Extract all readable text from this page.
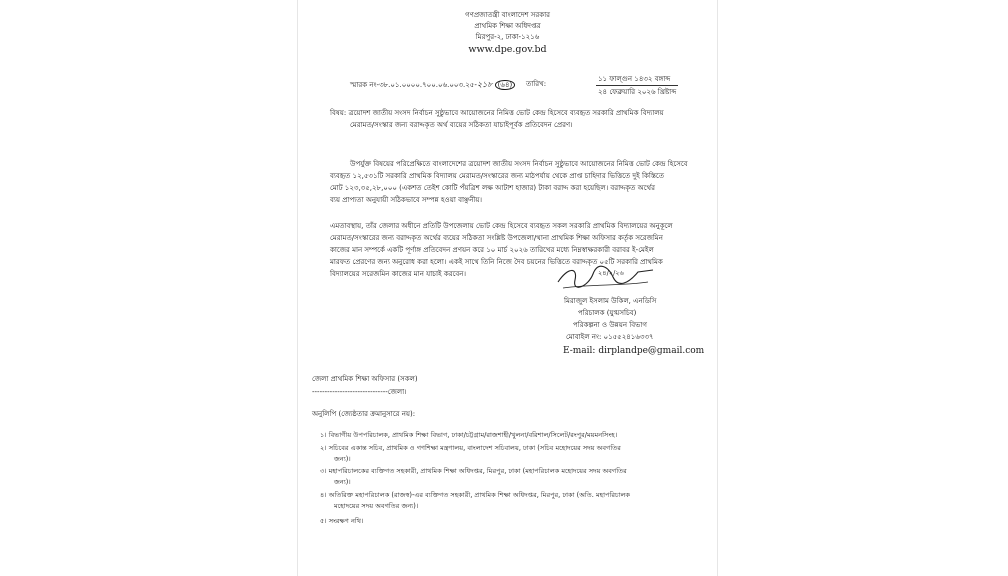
গণপ্রজাতন্ত্রী বাংলাদেশ সরকার
প্রাথমিক শিক্ষা অধিদপ্তর
মিরপুর-২, ঢাকা-১২১৬
www.dpe.gov.bd
স্মারক নং-৩৮.০১.০০০০.৭০০.০৬.০০৩.২৫-২১৮ (৬৪)	তারিখ:
১১ ফাল্গুন ১৪৩২ বঙ্গাব্দ
২৪ ফেব্রুয়ারি ২০২৬ খ্রিষ্টাব্দ
বিষয়: ত্রয়োদশ জাতীয় সংসদ নির্বাচন সুষ্ঠুভাবে আয়োজনের নিমিত্ত ভোট কেন্দ্র হিসেবে ব্যবহৃত সরকারি প্রাথমিক বিদ্যালয়
মেরামত/সংস্কার জন্য বরাদ্দকৃত অর্থ ব্যয়ের সঠিকতা যাচাইপূর্বক প্রতিবেদন প্রেরণ।
উপর্যুক্ত বিষয়ের পরিপ্রেক্ষিতে বাংলাদেশের ত্রয়োদশ জাতীয় সংসদ নির্বাচন সুষ্ঠুভাবে আয়োজনের নিমিত্ত ভোট কেন্দ্র হিসেবে
ব্যবহৃত ১২,৫৩১টি সরকারি প্রাথমিক বিদ্যালয় মেরামত/সংস্কারের জন্য মাঠপর্যায় থেকে প্রাপ্ত চাহিদার ভিত্তিতে দুই কিস্তিতে
মোট ১২৩,৩৫,২৮,০০০ (একশত তেইশ কোটি পঁয়ত্রিশ লক্ষ আটাশ হাজার) টাকা বরাদ্দ করা হয়েছিল। বরাদ্দকৃত অর্থের
ব্যয় প্রাপ্যতা অনুযায়ী সঠিকভাবে সম্পন্ন হওয়া বাঞ্ছনীয়।
এমতাবস্থায়, তাঁর জেলার অধীনে প্রতিটি উপজেলায় ভোট কেন্দ্র হিসেবে ব্যবহৃত সকল সরকারি প্রাথমিক বিদ্যালয়ের অনুকূলে
মেরামত/সংস্কারের জন্য বরাদ্দকৃত অর্থের ব্যয়ের সঠিকতা সংশ্লিষ্ট উপজেলা/থানা প্রাথমিক শিক্ষা অফিসার কর্তৃক সরেজমিন
কাজের মান সম্পর্কে একটি পূর্ণাঙ্গ প্রতিবেদন প্রণয়ন করে ১০ মার্চ ২০২৬ তারিখের মধ্যে নিম্নস্বাক্ষরকারী বরাবর ই-মেইল
মারফত প্রেরণের জন্য অনুরোধ করা হলো। একই সাথে তিনি নিজে দৈব চয়নের ভিত্তিতে বরাদ্দকৃত ০৫টি সরকারি প্রাথমিক
বিদ্যালয়ের সরেজমিন কাজের মান যাচাই করবেন।	২৪/২/২৬
মিরাজুল ইসলাম উকিল, এনডিসি
পরিচালক (যুগ্মসচিব)
পরিকল্পনা ও উন্নয়ন বিভাগ
মোবাইল নং: ০১৫৫২৪১৬৩৩৭
E-mail: dirplandpe@gmail.com
জেলা প্রাথমিক শিক্ষা অফিসার (সকল)
------------------------------জেলা।
অনুলিপি (জ্যেষ্ঠতার ক্রমানুসারে নয়):
১। বিভাগীয় উপপরিচালক, প্রাথমিক শিক্ষা বিভাগ, ঢাকা/চট্টগ্রাম/রাজশাহী/খুলনা/বরিশাল/সিলেট/রংপুর/ময়মনসিংহ।
২। সচিবের একান্ত সচিব, প্রাথমিক ও গণশিক্ষা মন্ত্রণালয়, বাংলাদেশ সচিবালয়, ঢাকা (সচিব মহোদয়ের সদয় অবগতির
জন্য)।
৩। মহাপরিচালকের ব্যক্তিগত সহকারী, প্রাথমিক শিক্ষা অধিদপ্তর, মিরপুর, ঢাকা (মহাপরিচালক মহোদয়ের সদয় অবগতির
জন্য)।
৪। অতিরিক্ত মহাপরিচালক (রাজস্ব)-এর ব্যক্তিগত সহকারী, প্রাথমিক শিক্ষা অধিদপ্তর, মিরপুর, ঢাকা (অতি. মহাপরিচালক
মহোদয়ের সদয় অবগতির জন্য)।
৫। সংরক্ষণ নথি।
